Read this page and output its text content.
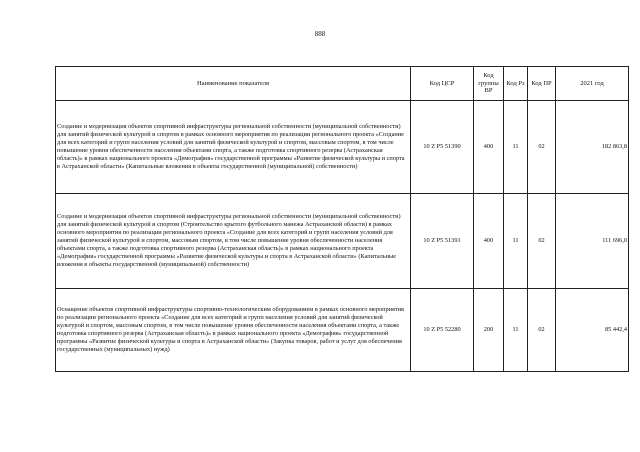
888
Наименование показателя	Код ЦСР	Код группы ВР	Код Рз	Код ПР	2021 год
Создание и модернизация объектов спортивной инфраструктуры региональной собственности (муниципальной собственности) для занятий физической культурой и спортом в рамках основного мероприятия по реализации регионального проекта «Создание для всех категорий и групп населения условий для занятий физической культурой и спортом, массовым спортом, в том числе повышение уровня обеспеченности населения объектами спорта, а также подготовка спортивного резерва (Астраханская область)» в рамках национального проекта «Демография» государственной программы «Развитие физической культуры и спорта в Астраханской области» (Капитальные вложения в объекты государственной (муниципальной) собственности)	10 Z P5 51390	400	11	02	182 863,8
Создание и модернизация объектов спортивной инфраструктуры региональной собственности (муниципальной собственности) для занятий физической культурой и спортом (Строительство крытого футбольного манежа Астраханской области) в рамках основного мероприятия по реализации регионального проекта «Создание для всех категорий и групп населения условий для занятий физической культурой и спортом, массовым спортом, в том числе повышение уровня обеспеченности населения объектами спорта, а также подготовка спортивного резерва (Астраханская область)» в рамках национального проекта «Демография» государственной программы «Развитие физической культуры и спорта в Астраханской области» (Капитальные вложения в объекты государственной (муниципальной) собственности)	10 Z P5 51391	400	11	02	111 696,0
Оснащение объектов спортивной инфраструктуры спортивно-технологическим оборудованием в рамках основного мероприятия по реализации регионального проекта «Создание для всех категорий и групп населения условий для занятий физической культурой и спортом, массовым спортом, в том числе повышение уровня обеспеченности населения объектами спорта, а также подготовка спортивного резерва (Астраханская область)» в рамках национального проекта «Демография» государственной программы «Развитие физической культуры и спорта в Астраханской области» (Закупка товаров, работ и услуг для обеспечения государственных (муниципальных) нужд)	10 Z P5 52280	200	11	02	85 442,4
